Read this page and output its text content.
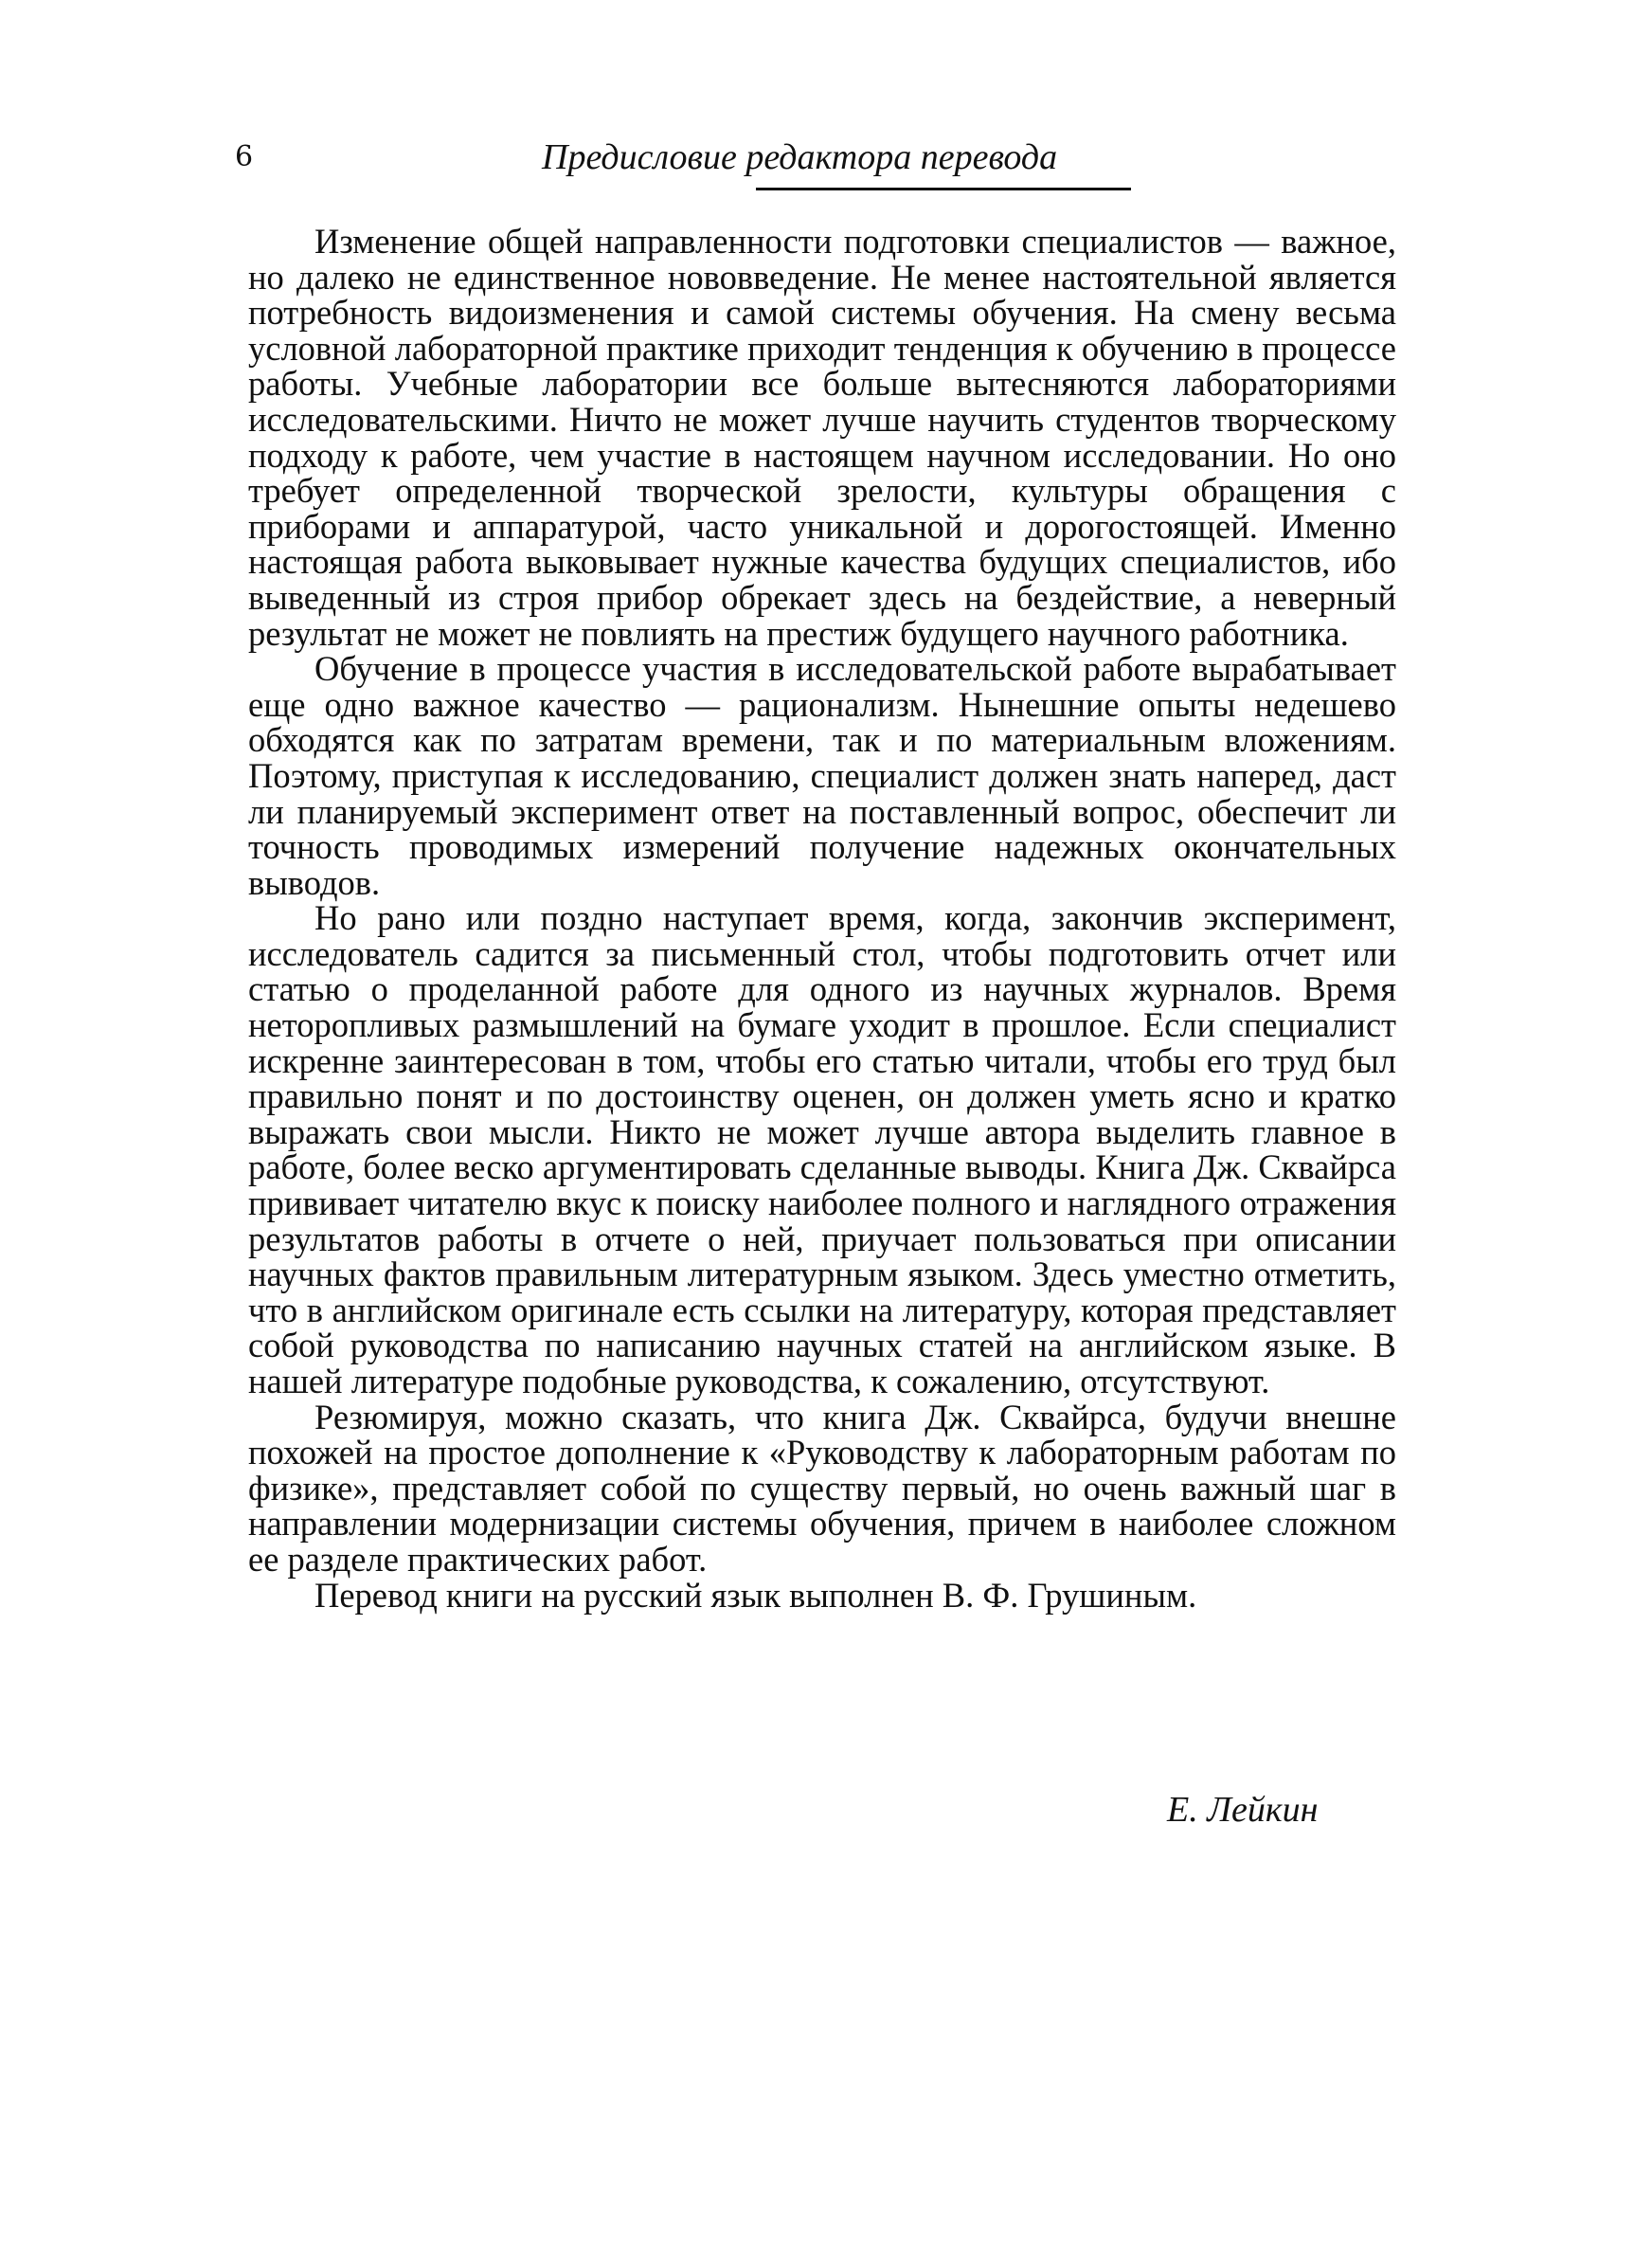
6	Предисловие редактора перевода

Изменение общей направленности подготовки специалистов — важное, но далеко не единственное нововведение. Не менее настоятельной является потребность видоизменения и самой системы обучения. На смену весьма условной лабораторной практике приходит тенденция к обучению в процессе работы. Учебные лаборатории все больше вытесняются лабораториями исследовательскими. Ничто не может лучше научить студентов творческому подходу к работе, чем участие в настоящем научном исследовании. Но оно требует определенной творческой зрелости, культуры обращения с приборами и аппаратурой, часто уникальной и дорогостоящей. Именно настоящая работа выковывает нужные качества будущих специалистов, ибо выведенный из строя прибор обрекает здесь на бездействие, а неверный результат не может не повлиять на престиж будущего научного работника.

Обучение в процессе участия в исследовательской работе вырабатывает еще одно важное качество — рационализм. Нынешние опыты недешево обходятся как по затратам времени, так и по материальным вложениям. Поэтому, приступая к исследованию, специалист должен знать наперед, даст ли планируемый эксперимент ответ на поставленный вопрос, обеспечит ли точность проводимых измерений получение надежных окончательных выводов.

Но рано или поздно наступает время, когда, закончив эксперимент, исследователь садится за письменный стол, чтобы подготовить отчет или статью о проделанной работе для одного из научных журналов. Время неторопливых размышлений на бумаге уходит в прошлое. Если специалист искренне заинтересован в том, чтобы его статью читали, чтобы его труд был правильно понят и по достоинству оценен, он должен уметь ясно и кратко выражать свои мысли. Никто не может лучше автора выделить главное в работе, более веско аргументировать сделанные выводы. Книга Дж. Сквайрса прививает читателю вкус к поиску наиболее полного и наглядного отражения результатов работы в отчете о ней, приучает пользоваться при описании научных фактов правильным литературным языком. Здесь уместно отметить, что в английском оригинале есть ссылки на литературу, которая представляет собой руководства по написанию научных статей на английском языке. В нашей литературе подобные руководства, к сожалению, отсутствуют.

Резюмируя, можно сказать, что книга Дж. Сквайрса, будучи внешне похожей на простое дополнение к «Руководству к лабораторным работам по физике», представляет собой по существу первый, но очень важный шаг в направлении модернизации системы обучения, причем в наиболее сложном ее разделе практических работ.

Перевод книги на русский язык выполнен В. Ф. Грушиным.

Е. Лейкин
